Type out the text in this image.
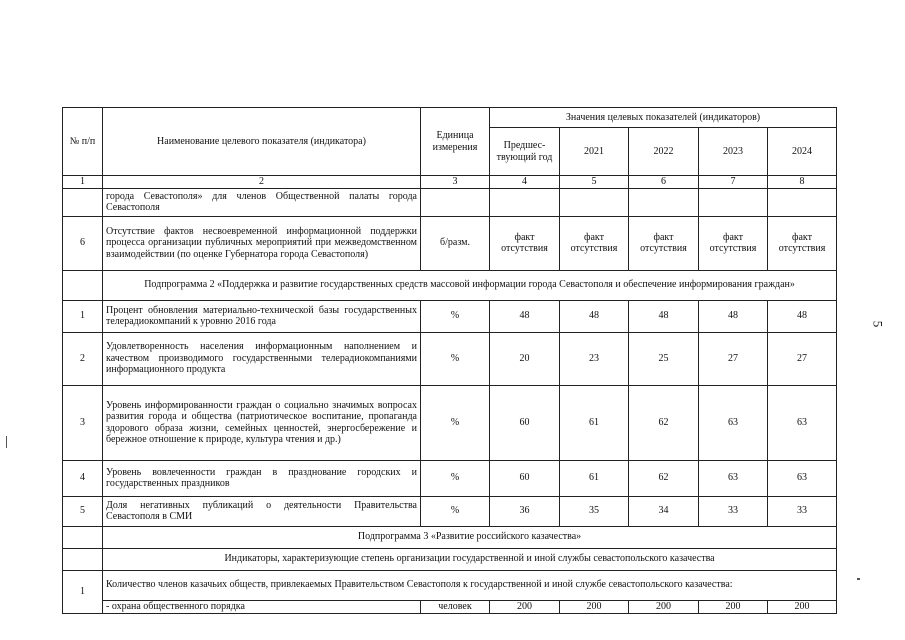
№ п/п	Наименование целевого показателя (индикатора)	Единица измерения	Значения целевых показателей (индикаторов)				
			Предшес-твующий год	2021	2022	2023	2024
1	2	3	4	5	6	7	8
	города Севастополя» для членов Общественной палаты города Севастополя						
6	Отсутствие фактов несвоевременной информационной поддержки процесса организации публичных мероприятий при межведомственном взаимодействии (по оценке Губернатора города Севастополя)	б/разм.	факт отсутствия	факт отсутствия	факт отсутствия	факт отсутствия	факт отсутствия
	Подпрограмма 2 «Поддержка и развитие государственных средств массовой информации города Севастополя и обеспечение информирования граждан»						
1	Процент обновления материально-технической базы государственных телерадиокомпаний к уровню 2016 года	%	48	48	48	48	48
2	Удовлетворенность населения информационным наполнением и качеством производимого государственными телерадиокомпаниями информационного продукта	%	20	23	25	27	27
3	Уровень информированности граждан о социально значимых вопросах развития города и общества (патриотическое воспитание, пропаганда здорового образа жизни, семейных ценностей, энергосбережение и бережное отношение к природе, культура чтения и др.)	%	60	61	62	63	63
4	Уровень вовлеченности граждан в празднование городских и государственных праздников	%	60	61	62	63	63
5	Доля негативных публикаций о деятельности Правительства Севастополя в СМИ	%	36	35	34	33	33
	Подпрограмма 3 «Развитие российского казачества»						
	Индикаторы, характеризующие степень организации государственной и иной службы севастопольского казачества						
1	Количество членов казачьих обществ, привлекаемых Правительством Севастополя к государственной и иной службе севастопольского казачества:						
	- охрана общественного порядка	человек	200	200	200	200	200
5
